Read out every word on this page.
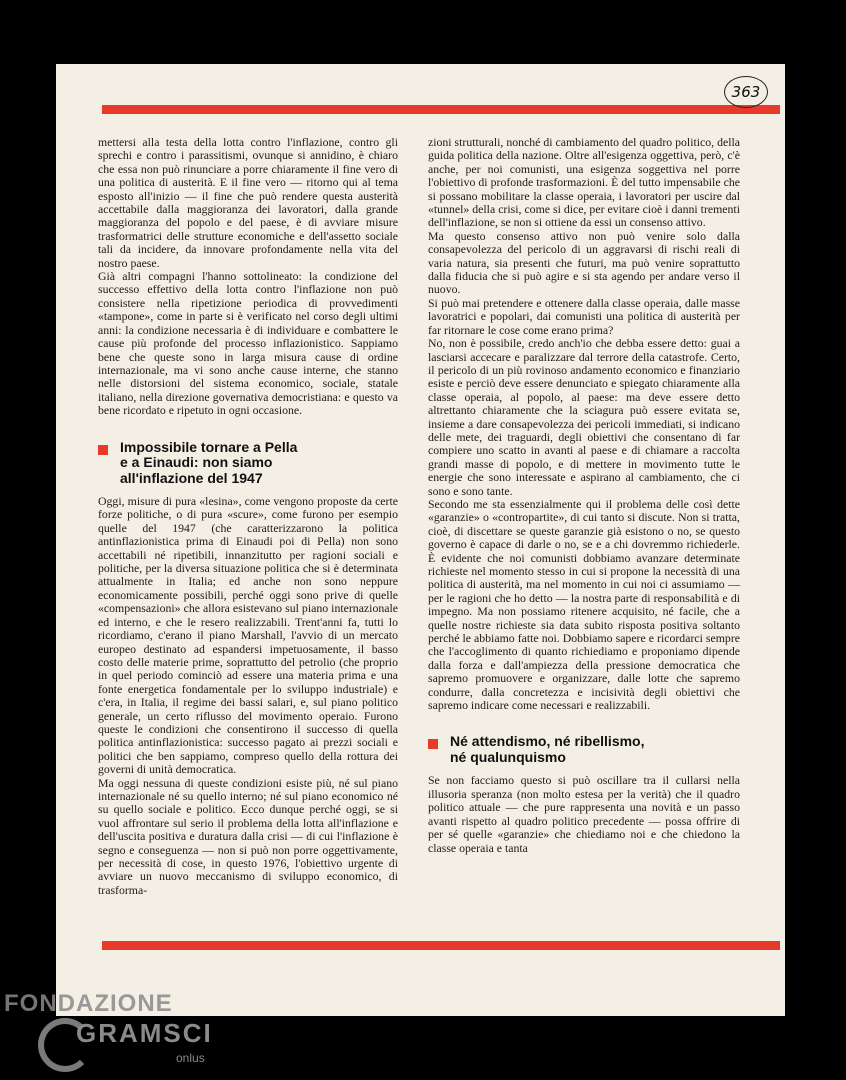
363

mettersi alla testa della lotta contro l'inflazione, contro gli sprechi e contro i parassitismi, ovunque si annidino, è chiaro che essa non può rinunciare a porre chiaramente il fine vero di una politica di austerità. E il fine vero — ritorno qui al tema esposto all'inizio — il fine che può rendere questa austerità accettabile dalla maggioranza dei lavoratori, dalla grande maggioranza del popolo e del paese, è di avviare misure trasformatrici delle strutture economiche e dell'assetto sociale tali da incidere, da innovare profondamente nella vita del nostro paese.

Già altri compagni l'hanno sottolineato: la condizione del successo effettivo della lotta contro l'inflazione non può consistere nella ripetizione periodica di provvedimenti «tampone», come in parte si è verificato nel corso degli ultimi anni: la condizione necessaria è di individuare e combattere le cause più profonde del processo inflazionistico. Sappiamo bene che queste sono in larga misura cause di ordine internazionale, ma vi sono anche cause interne, che stanno nelle distorsioni del sistema economico, sociale, statale italiano, nella direzione governativa democristiana: e questo va bene ricordato e ripetuto in ogni occasione.

Impossibile tornare a Pella
e a Einaudi: non siamo
all'inflazione del 1947

Oggi, misure di pura «lesina», come vengono proposte da certe forze politiche, o di pura «scure», come furono per esempio quelle del 1947 (che caratterizzarono la politica antinflazionistica prima di Einaudi poi di Pella) non sono accettabili né ripetibili, innanzitutto per ragioni sociali e politiche, per la diversa situazione politica che si è determinata attualmente in Italia; ed anche non sono neppure economicamente possibili, perché oggi sono prive di quelle «compensazioni» che allora esistevano sul piano internazionale ed interno, e che le resero realizzabili. Trent'anni fa, tutti lo ricordiamo, c'erano il piano Marshall, l'avvio di un mercato europeo destinato ad espandersi impetuosamente, il basso costo delle materie prime, soprattutto del petrolio (che proprio in quel periodo cominciò ad essere una materia prima e una fonte energetica fondamentale per lo sviluppo industriale) e c'era, in Italia, il regime dei bassi salari, e, sul piano politico generale, un certo riflusso del movimento operaio. Furono queste le condizioni che consentirono il successo di quella politica antinflazionistica: successo pagato ai prezzi sociali e politici che ben sappiamo, compreso quello della rottura dei governi di unità democratica.

Ma oggi nessuna di queste condizioni esiste più, né sul piano internazionale né su quello interno; né sul piano economico né su quello sociale e politico. Ecco dunque perché oggi, se si vuol affrontare sul serio il problema della lotta all'inflazione e dell'uscita positiva e duratura dalla crisi — di cui l'inflazione è segno e conseguenza — non si può non porre oggettivamente, per necessità di cose, in questo 1976, l'obiettivo urgente di avviare un nuovo meccanismo di sviluppo economico, di trasforma-

zioni strutturali, nonché di cambiamento del quadro politico, della guida politica della nazione. Oltre all'esigenza oggettiva, però, c'è anche, per noi comunisti, una esigenza soggettiva nel porre l'obiettivo di profonde trasformazioni. È del tutto impensabile che si possano mobilitare la classe operaia, i lavoratori per uscire dal «tunnel» della crisi, come si dice, per evitare cioè i danni trementi dell'inflazione, se non si ottiene da essi un consenso attivo.

Ma questo consenso attivo non può venire solo dalla consapevolezza del pericolo di un aggravarsi di rischi reali di varia natura, sia presenti che futuri, ma può venire soprattutto dalla fiducia che si può agire e si sta agendo per andare verso il nuovo.

Si può mai pretendere e ottenere dalla classe operaia, dalle masse lavoratrici e popolari, dai comunisti una politica di austerità per far ritornare le cose come erano prima?

No, non è possibile, credo anch'io che debba essere detto: guai a lasciarsi accecare e paralizzare dal terrore della catastrofe. Certo, il pericolo di un più rovinoso andamento economico e finanziario esiste e perciò deve essere denunciato e spiegato chiaramente alla classe operaia, al popolo, al paese: ma deve essere detto altrettanto chiaramente che la sciagura può essere evitata se, insieme a dare consapevolezza dei pericoli immediati, si indicano delle mete, dei traguardi, degli obiettivi che consentano di far compiere uno scatto in avanti al paese e di chiamare a raccolta grandi masse di popolo, e di mettere in movimento tutte le energie che sono interessate e aspirano al cambiamento, che ci sono e sono tante.

Secondo me sta essenzialmente qui il problema delle così dette «garanzie» o «contropartite», di cui tanto si discute. Non si tratta, cioè, di discettare se queste garanzie già esistono o no, se questo governo è capace di darle o no, se e a chi dovremmo richiederle. È evidente che noi comunisti dobbiamo avanzare determinate richieste nel momento stesso in cui si propone la necessità di una politica di austerità, ma nel momento in cui noi ci assumiamo — per le ragioni che ho detto — la nostra parte di responsabilità e di impegno. Ma non possiamo ritenere acquisito, né facile, che a quelle nostre richieste sia data subito risposta positiva soltanto perché le abbiamo fatte noi. Dobbiamo sapere e ricordarci sempre che l'accoglimento di quanto richiediamo e proponiamo dipende dalla forza e dall'ampiezza della pressione democratica che sapremo promuovere e organizzare, dalle lotte che sapremo condurre, dalla concretezza e incisività degli obiettivi che sapremo indicare come necessari e realizzabili.

Né attendismo, né ribellismo,
né qualunquismo

Se non facciamo questo si può oscillare tra il cullarsi nella illusoria speranza (non molto estesa per la verità) che il quadro politico attuale — che pure rappresenta una novità e un passo avanti rispetto al quadro politico precedente — possa offrire di per sé quelle «garanzie» che chiediamo noi e che chiedono la classe operaia e tanta

FONDAZIONE
GRAMSCI
onlus
